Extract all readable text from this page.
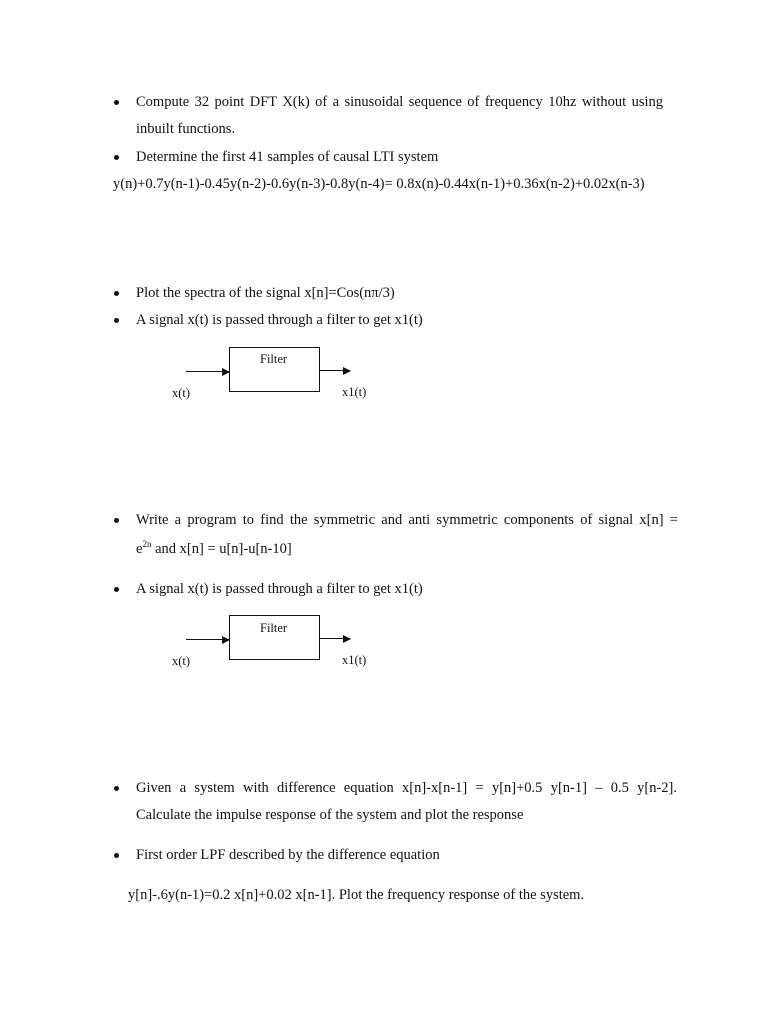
Compute 32 point DFT X(k) of a sinusoidal sequence of frequency 10hz without using
inbuilt functions.
Determine the first 41 samples of causal LTI system
y(n)+0.7y(n-1)-0.45y(n-2)-0.6y(n-3)-0.8y(n-4)= 0.8x(n)-0.44x(n-1)+0.36x(n-2)+0.02x(n-3)
Plot the spectra of the signal x[n]=Cos(nπ/3)
A signal x(t) is passed through a filter to get x1(t)
Filter
x(t)	x1(t)
Write a program to find the symmetric and anti symmetric components of signal x[n] =
$e^{2n}$ and x[n] = u[n]-u[n-10]
A signal x(t) is passed through a filter to get x1(t)
Filter
x(t)	x1(t)
Given a system with difference equation x[n]-x[n-1] = y[n]+0.5 y[n-1] – 0.5 y[n-2].
Calculate the impulse response of the system and plot the response
First order LPF described by the difference equation
y[n]-.6y(n-1)=0.2 x[n]+0.02 x[n-1]. Plot the frequency response of the system.
